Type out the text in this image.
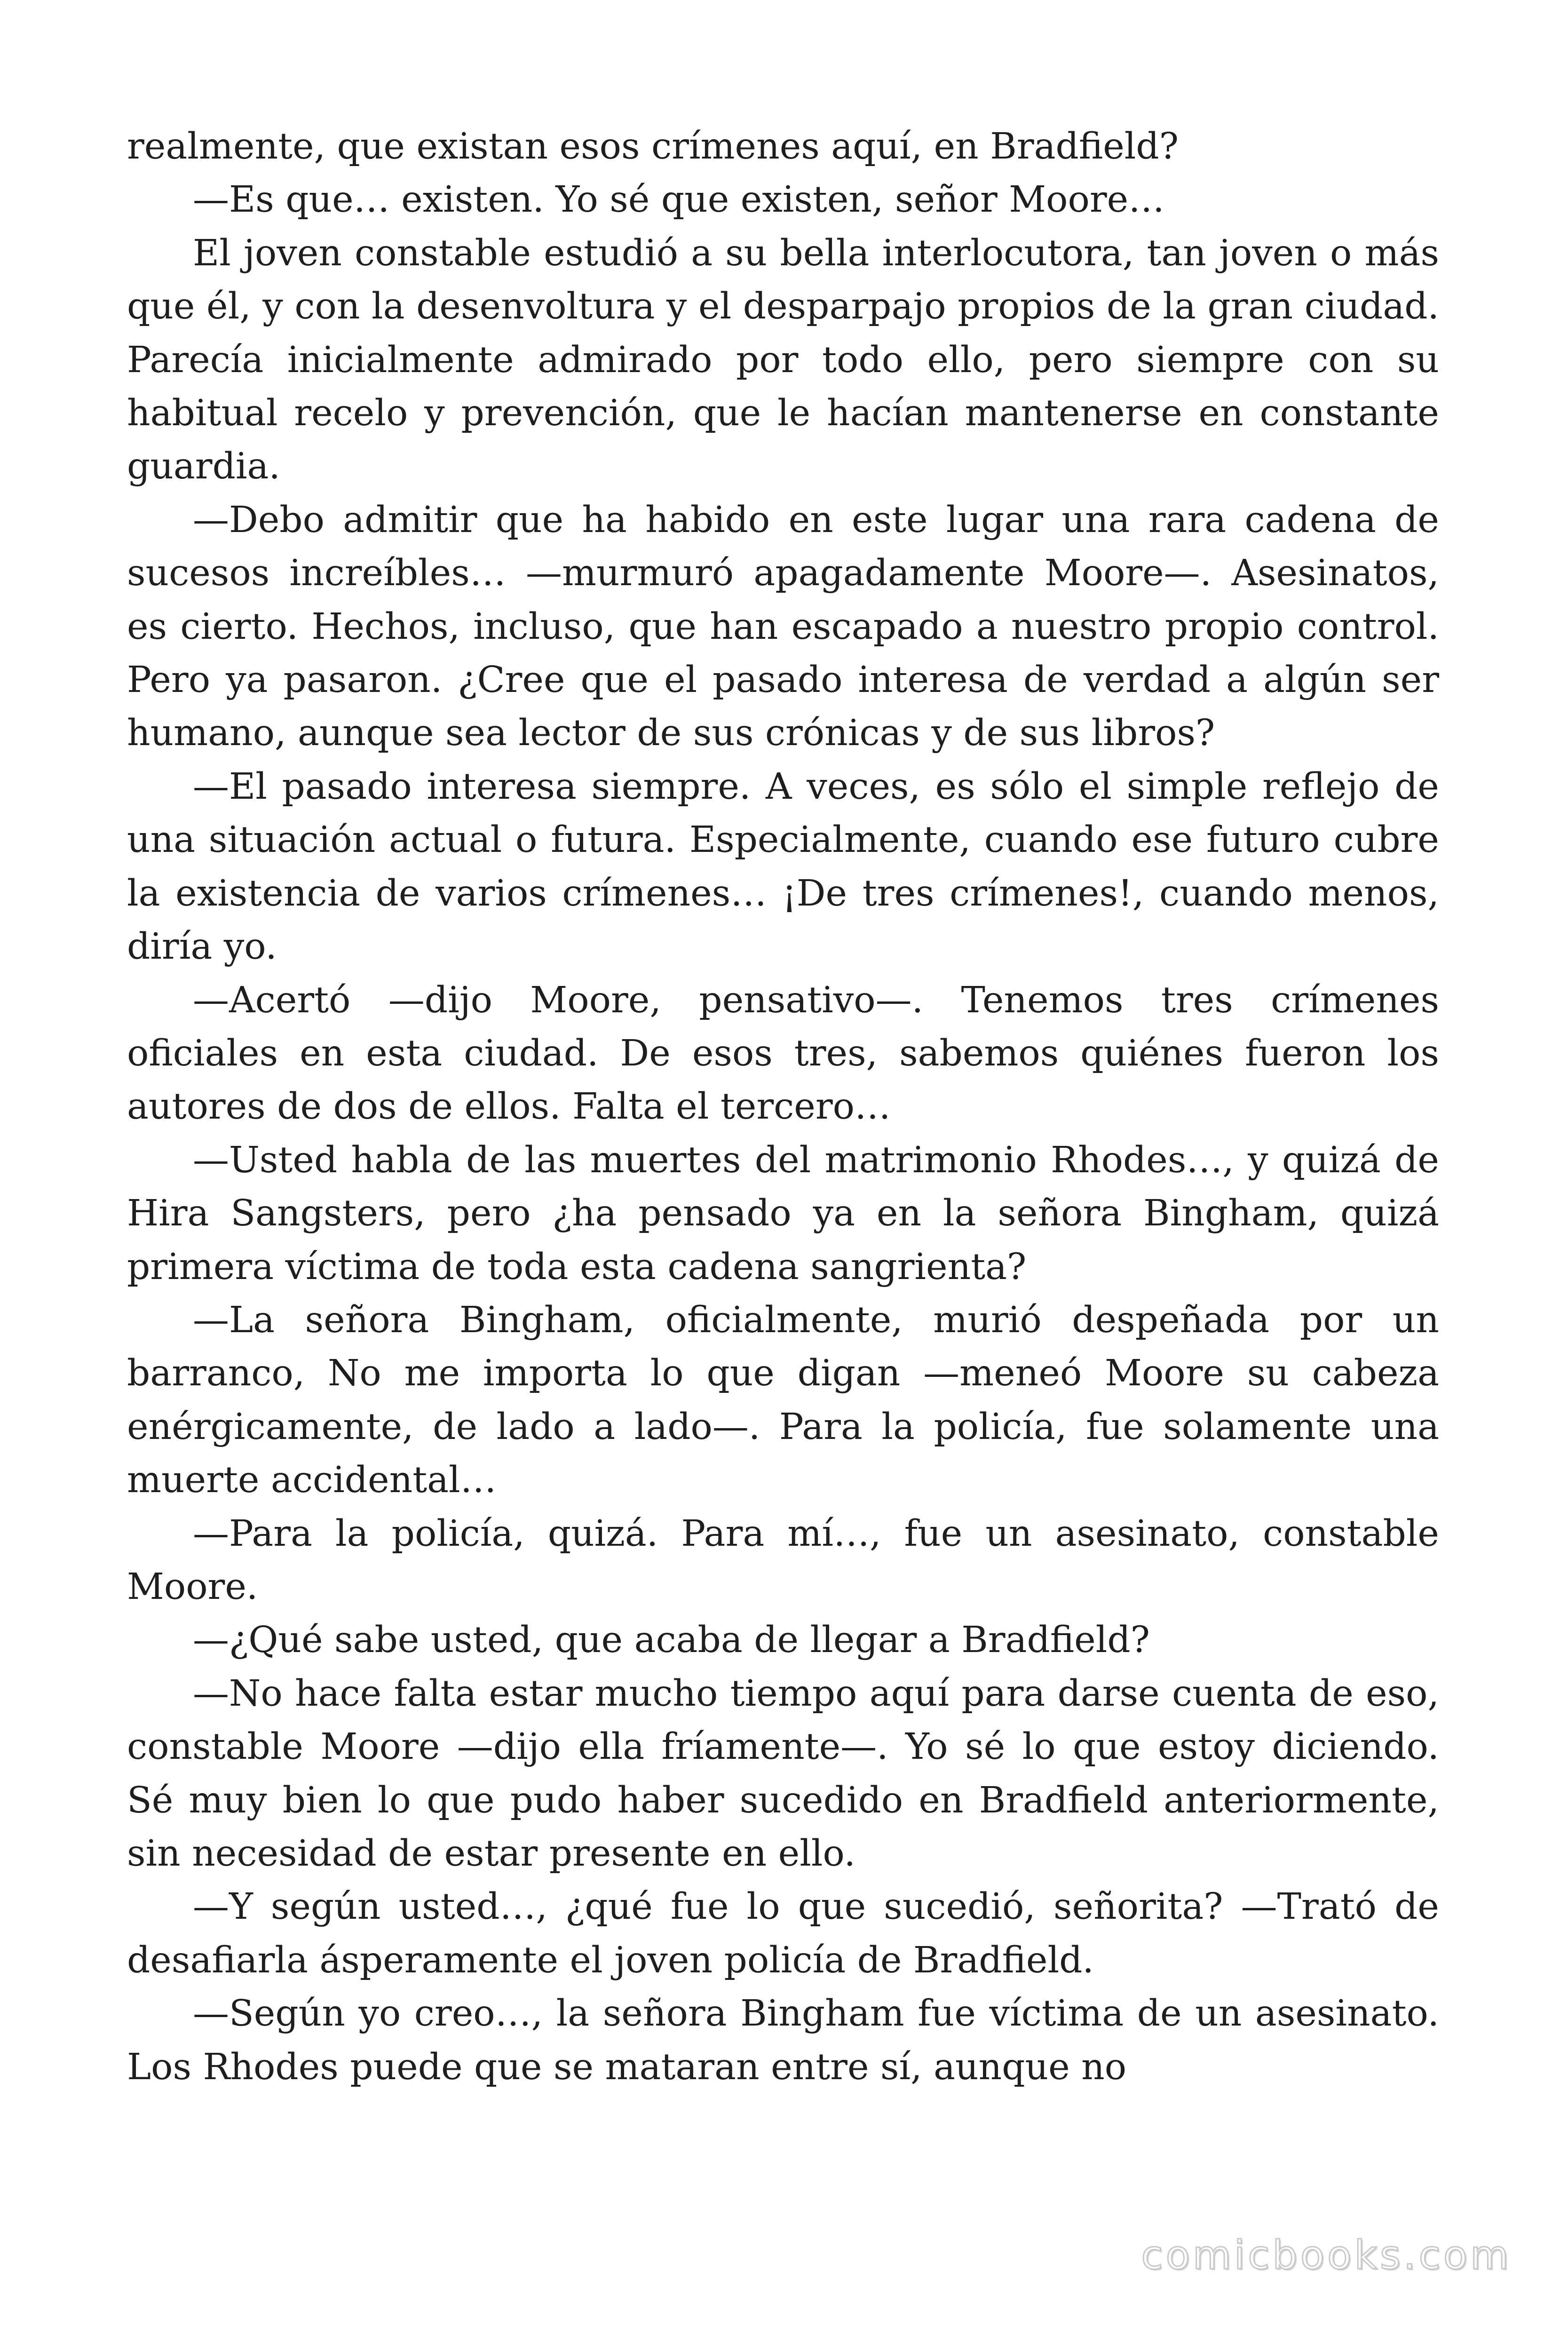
realmente, que existan esos crímenes aquí, en Bradfield?

—Es que… existen. Yo sé que existen, señor Moore…

El joven constable estudió a su bella interlocutora, tan joven o más que él, y con la desenvoltura y el desparpajo propios de la gran ciudad. Parecía inicialmente admirado por todo ello, pero siempre con su habitual recelo y prevención, que le hacían mantenerse en constante guardia.

—Debo admitir que ha habido en este lugar una rara cadena de sucesos increíbles… —murmuró apagadamente Moore—. Asesinatos, es cierto. Hechos, incluso, que han escapado a nuestro propio control. Pero ya pasaron. ¿Cree que el pasado interesa de verdad a algún ser humano, aunque sea lector de sus crónicas y de sus libros?

—El pasado interesa siempre. A veces, es sólo el simple reflejo de una situación actual o futura. Especialmente, cuando ese futuro cubre la existencia de varios crímenes… ¡De tres crímenes!, cuando menos, diría yo.

—Acertó —dijo Moore, pensativo—. Tenemos tres crímenes oficiales en esta ciudad. De esos tres, sabemos quiénes fueron los autores de dos de ellos. Falta el tercero…

—Usted habla de las muertes del matrimonio Rhodes…, y quizá de Hira Sangsters, pero ¿ha pensado ya en la señora Bingham, quizá primera víctima de toda esta cadena sangrienta?

—La señora Bingham, oficialmente, murió despeñada por un barranco, No me importa lo que digan —meneó Moore su cabeza enérgicamente, de lado a lado—. Para la policía, fue solamente una muerte accidental…

—Para la policía, quizá. Para mí…, fue un asesinato, constable Moore.

—¿Qué sabe usted, que acaba de llegar a Bradfield?

—No hace falta estar mucho tiempo aquí para darse cuenta de eso, constable Moore —dijo ella fríamente—. Yo sé lo que estoy diciendo. Sé muy bien lo que pudo haber sucedido en Bradfield anteriormente, sin necesidad de estar presente en ello.

—Y según usted…, ¿qué fue lo que sucedió, señorita? —Trató de desafiarla ásperamente el joven policía de Bradfield.

—Según yo creo…, la señora Bingham fue víctima de un asesinato. Los Rhodes puede que se mataran entre sí, aunque no

comicbooks.com
